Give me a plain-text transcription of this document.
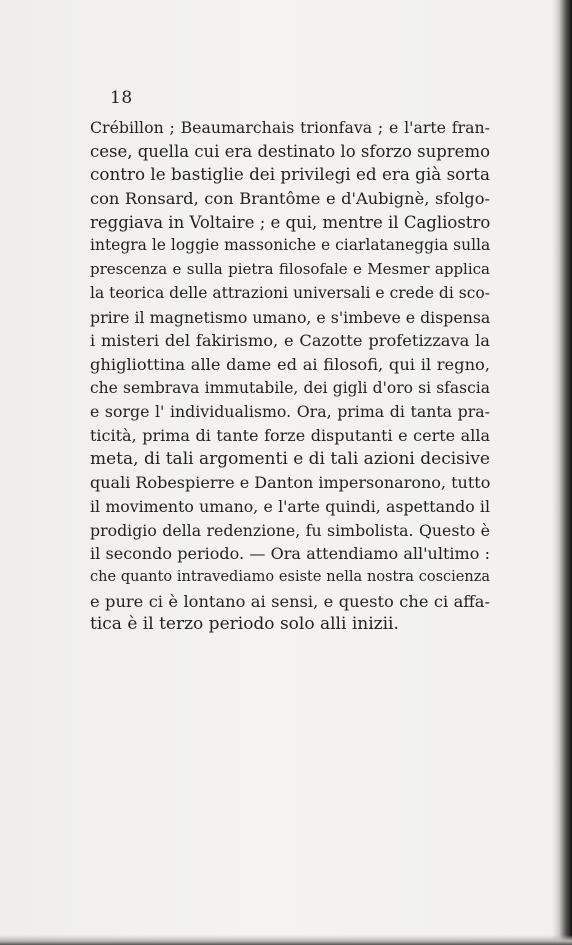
18
Crébillon ; Beaumarchais trionfava ; e l'arte fran-
cese, quella cui era destinato lo sforzo supremo
contro le bastiglie dei privilegi ed era già sorta
con Ronsard, con Brantôme e d'Aubignè, sfolgo-
reggiava in Voltaire ; e qui, mentre il Cagliostro
integra le loggie massoniche e ciarlataneggia sulla
prescenza e sulla pietra filosofale e Mesmer applica
la teorica delle attrazioni universali e crede di sco-
prire il magnetismo umano, e s'imbeve e dispensa
i misteri del fakirismo, e Cazotte profetizzava la
ghigliottina alle dame ed ai filosofi, qui il regno,
che sembrava immutabile, dei gigli d'oro si sfascia
e sorge l' individualismo. Ora, prima di tanta pra-
ticità, prima di tante forze disputanti e certe alla
meta, di tali argomenti e di tali azioni decisive
quali Robespierre e Danton impersonarono, tutto
il movimento umano, e l'arte quindi, aspettando il
prodigio della redenzione, fu simbolista. Questo è
il secondo periodo. — Ora attendiamo all'ultimo :
che quanto intravediamo esiste nella nostra coscienza
e pure ci è lontano ai sensi, e questo che ci affa-
tica è il terzo periodo solo alli inizii.
